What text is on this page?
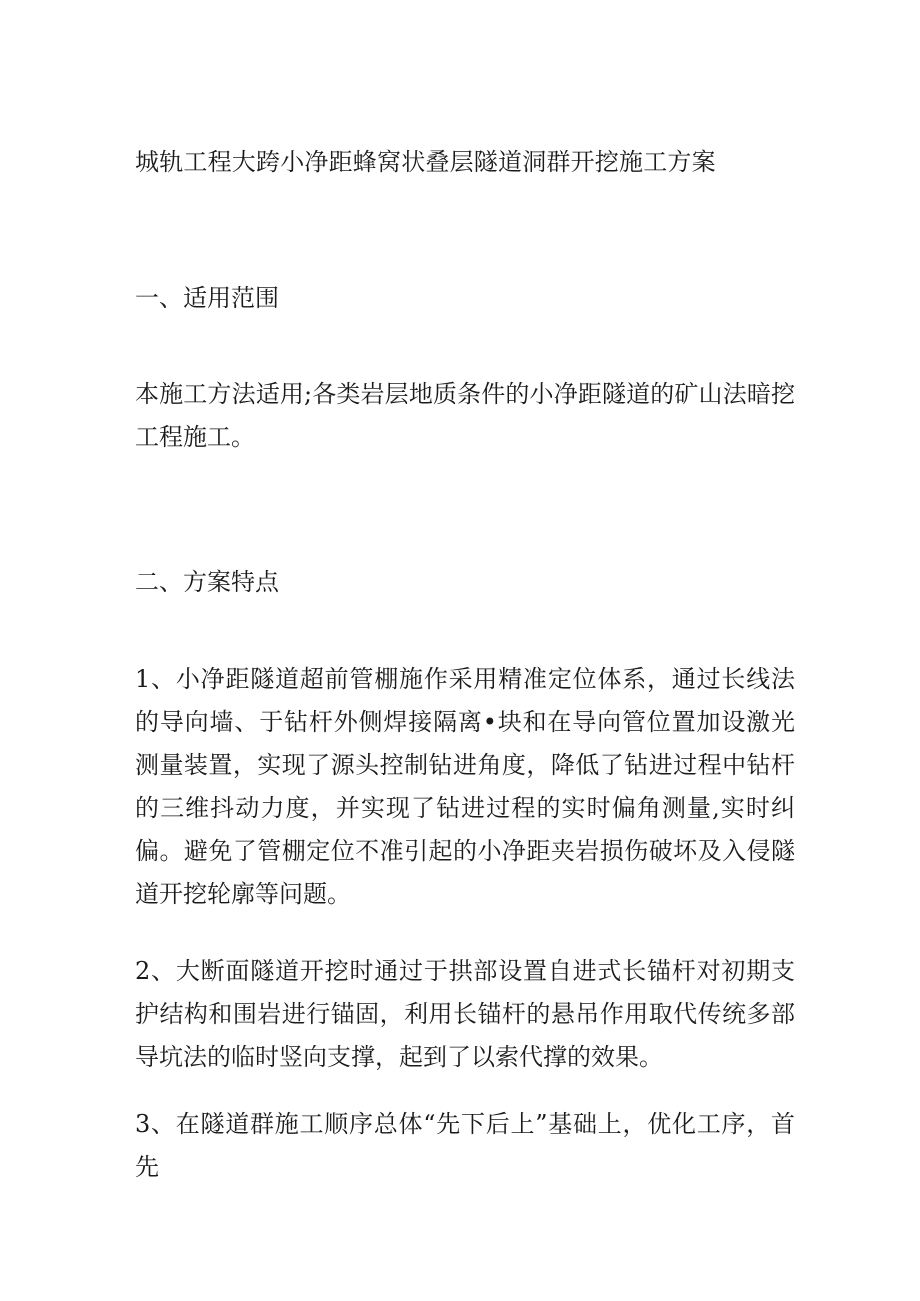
城轨工程大跨小净距蜂窝状叠层隧道洞群开挖施工方案
一、适用范围
本施工方法适用;各类岩层地质条件的小净距隧道的矿山法暗挖工程施工。
二、方案特点
1、小净距隧道超前管棚施作采用精准定位体系，通过长线法的导向墙、于钻杆外侧焊接隔离•块和在导向管位置加设激光测量装置，实现了源头控制钻进角度，降低了钻进过程中钻杆的三维抖动力度，并实现了钻进过程的实时偏角测量,实时纠偏。避免了管棚定位不准引起的小净距夹岩损伤破坏及入侵隧道开挖轮廓等问题。
2、大断面隧道开挖时通过于拱部设置自进式长锚杆对初期支护结构和围岩进行锚固，利用长锚杆的悬吊作用取代传统多部导坑法的临时竖向支撑，起到了以索代撑的效果。
3、在隧道群施工顺序总体“先下后上”基础上，优化工序，首先
